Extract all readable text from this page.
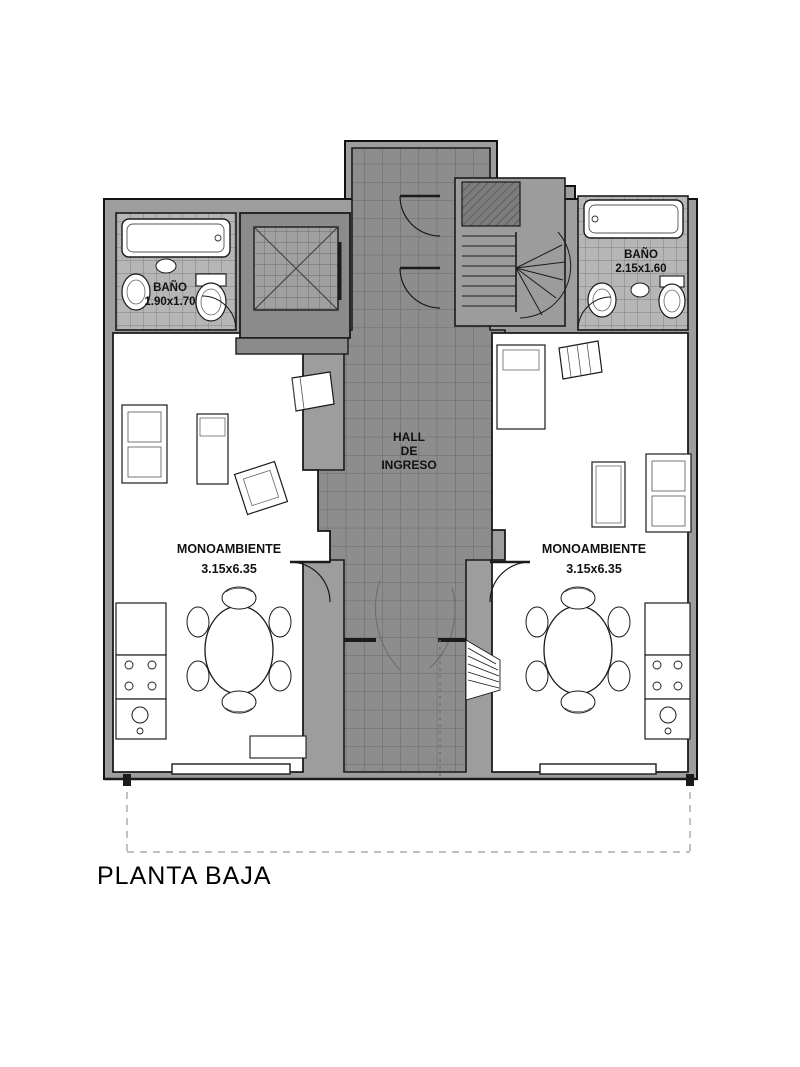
BAÑO
1.90x1.70
BAÑO
2.15x1.60
MONOAMBIENTE
3.15x6.35
MONOAMBIENTE
3.15x6.35
HALL
DE
INGRESO
PLANTA BAJA
